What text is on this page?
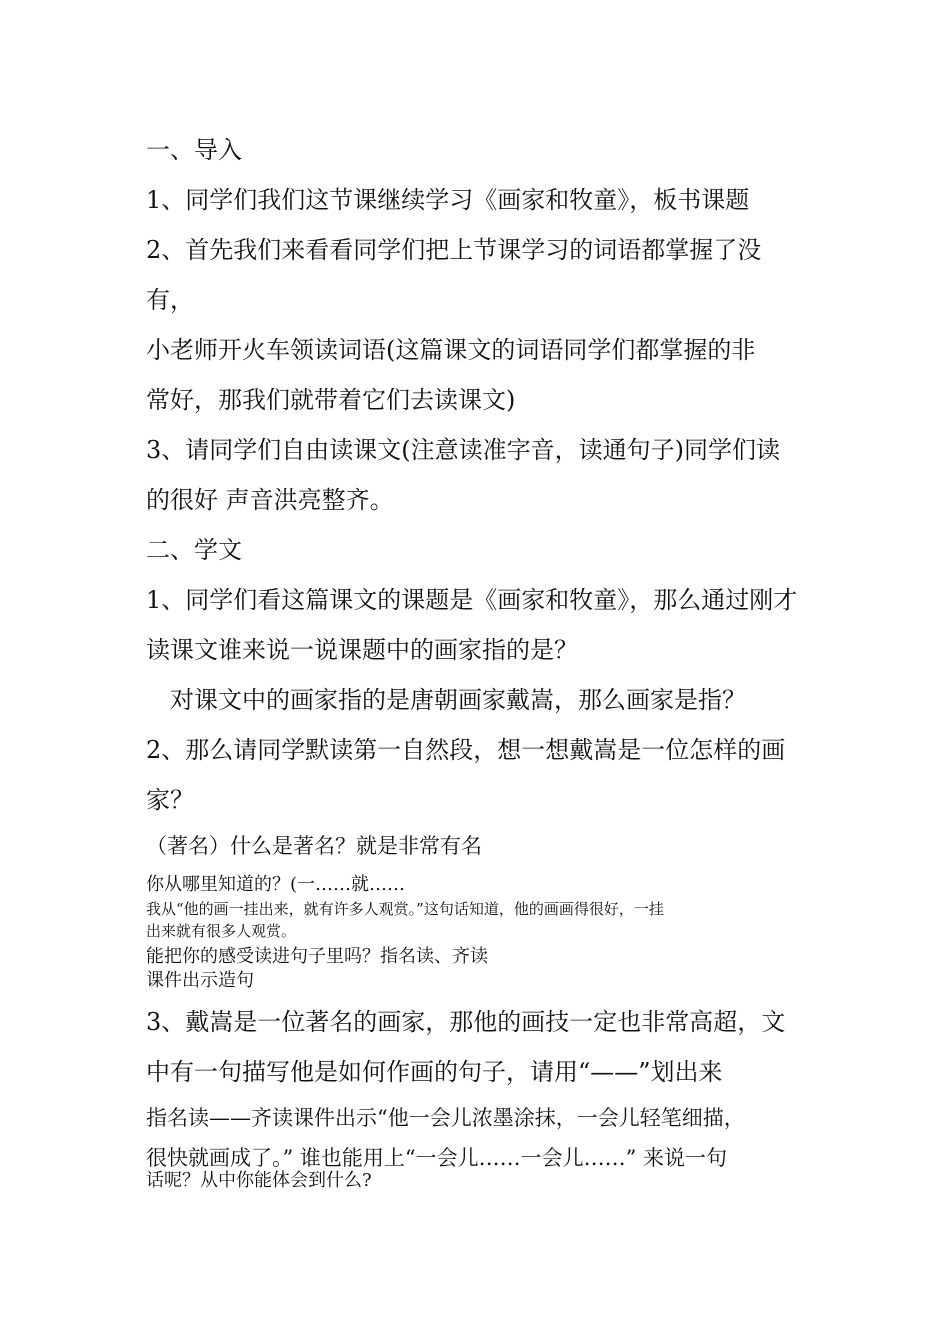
一、导入
1、同学们我们这节课继续学习《画家和牧童》，板书课题
2、首先我们来看看同学们把上节课学习的词语都掌握了没
有，
小老师开火车领读词语(这篇课文的词语同学们都掌握的非
常好，那我们就带着它们去读课文)
3、请同学们自由读课文(注意读准字音，读通句子)同学们读
的很好 声音洪亮整齐。
二、学文
1、同学们看这篇课文的课题是《画家和牧童》，那么通过刚才
读课文谁来说一说课题中的画家指的是？
对课文中的画家指的是唐朝画家戴嵩，那么画家是指？
2、那么请同学默读第一自然段，想一想戴嵩是一位怎样的画
家？
（著名）什么是著名？就是非常有名
你从哪里知道的？(一……就……
我从“他的画一挂出来，就有许多人观赏。”这句话知道，他的画画得很好，一挂
出来就有很多人观赏。
能把你的感受读进句子里吗？指名读、齐读
课件出示造句
3、戴嵩是一位著名的画家，那他的画技一定也非常高超，文
中有一句描写他是如何作画的句子，请用“——”划出来
指名读——齐读课件出示“他一会儿浓墨涂抹，一会儿轻笔细描，
很快就画成了。” 谁也能用上“一会儿……一会儿……” 来说一句
话呢？从中你能体会到什么?
